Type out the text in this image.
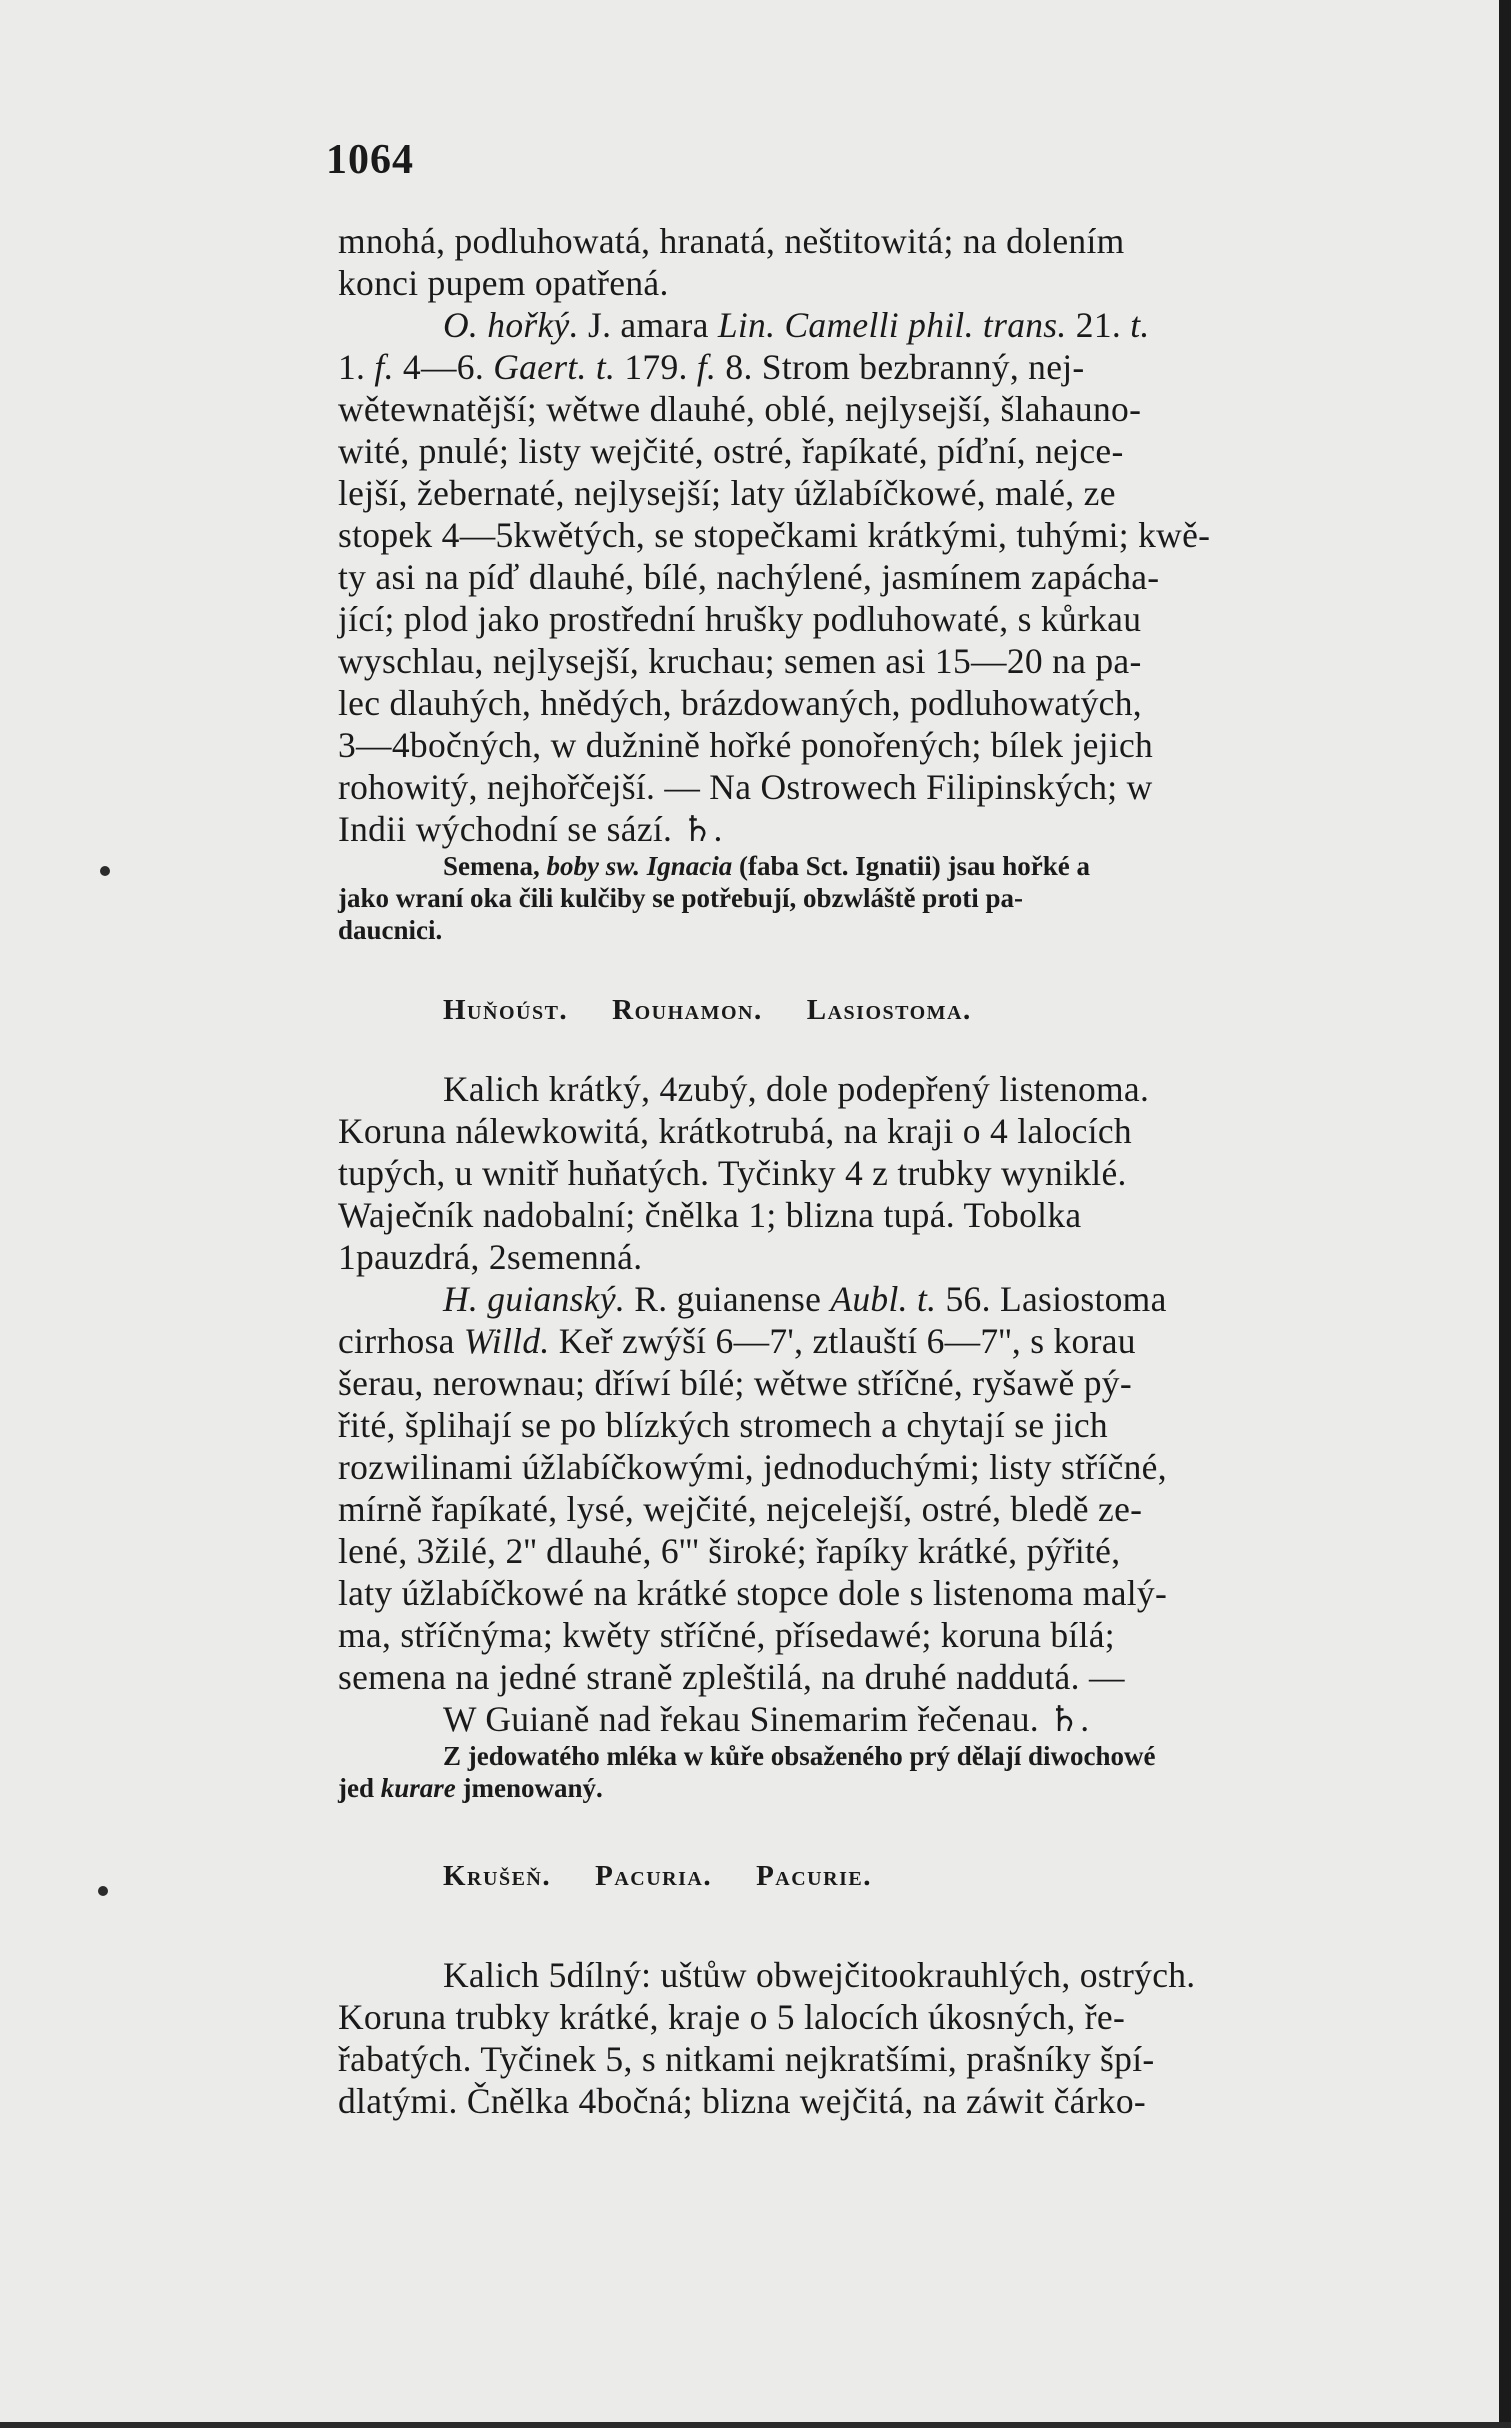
1064
mnohá, podluhowatá, hranatá, neštitowitá; na dolením
konci pupem opatřená.
O. hořký. J. amara Lin. Camelli phil. trans. 21. t.
1. f. 4—6. Gaert. t. 179. f. 8. Strom bezbranný, nej-
wětewnatější; wětwe dlauhé, oblé, nejlysejší, šlahauno-
wité, pnulé; listy wejčité, ostré, řapíkaté, píďní, nejce-
lejší, žebernaté, nejlysejší; laty úžlabíčkowé, malé, ze
stopek 4—5kwětých, se stopečkami krátkými, tuhými; kwě-
ty asi na píď dlauhé, bílé, nachýlené, jasmínem zapácha-
jící; plod jako prostřední hrušky podluhowaté, s kůrkau
wyschlau, nejlysejší, kruchau; semen asi 15—20 na pa-
lec dlauhých, hnědých, brázdowaných, podluhowatých,
3—4bočných, w dužnině hořké ponořených; bílek jejich
rohowitý, nejhořčejší. — Na Ostrowech Filipinských; w
Indii wýchodní se sází. ♄.
Semena, boby sw. Ignacia (faba Sct. Ignatii) jsau hořké a
jako wraní oka čili kulčiby se potřebují, obzwláště proti pa-
daucnici.
Huňoúst. Rouhamon. Lasiostoma.
Kalich krátký, 4zubý, dole podepřený listenoma.
Koruna nálewkowitá, krátkotrubá, na kraji o 4 lalocích
tupých, u wnitř huňatých. Tyčinky 4 z trubky wyniklé.
Waječník nadobalní; čnělka 1; blizna tupá. Tobolka
1pauzdrá, 2semenná.
H. guianský. R. guianense Aubl. t. 56. Lasiostoma
cirrhosa Willd. Keř zwýší 6—7', ztlauští 6—7'', s korau
šerau, nerownau; dříwí bílé; wětwe stříčné, ryšawě pý-
řité, šplihají se po blízkých stromech a chytají se jich
rozwilinami úžlabíčkowými, jednoduchými; listy stříčné,
mírně řapíkaté, lysé, wejčité, nejcelejší, ostré, bledě ze-
lené, 3žilé, 2'' dlauhé, 6''' široké; řapíky krátké, pýřité,
laty úžlabíčkowé na krátké stopce dole s listenoma malý-
ma, stříčnýma; kwěty stříčné, přísedawé; koruna bílá;
semena na jedné straně zpleštilá, na druhé naddutá. —
W Guianě nad řekau Sinemarim řečenau. ♄.
Z jedowatého mléka w kůře obsaženého prý dělají diwochowé
jed kurare jmenowaný.
Krušeň. Pacuria. Pacurie.
Kalich 5dílný: uštůw obwejčitookrauhlých, ostrých.
Koruna trubky krátké, kraje o 5 lalocích úkosných, ře-
řabatých. Tyčinek 5, s nitkami nejkratšími, prašníky špí-
dlatými. Čnělka 4bočná; blizna wejčitá, na záwit čárko-
